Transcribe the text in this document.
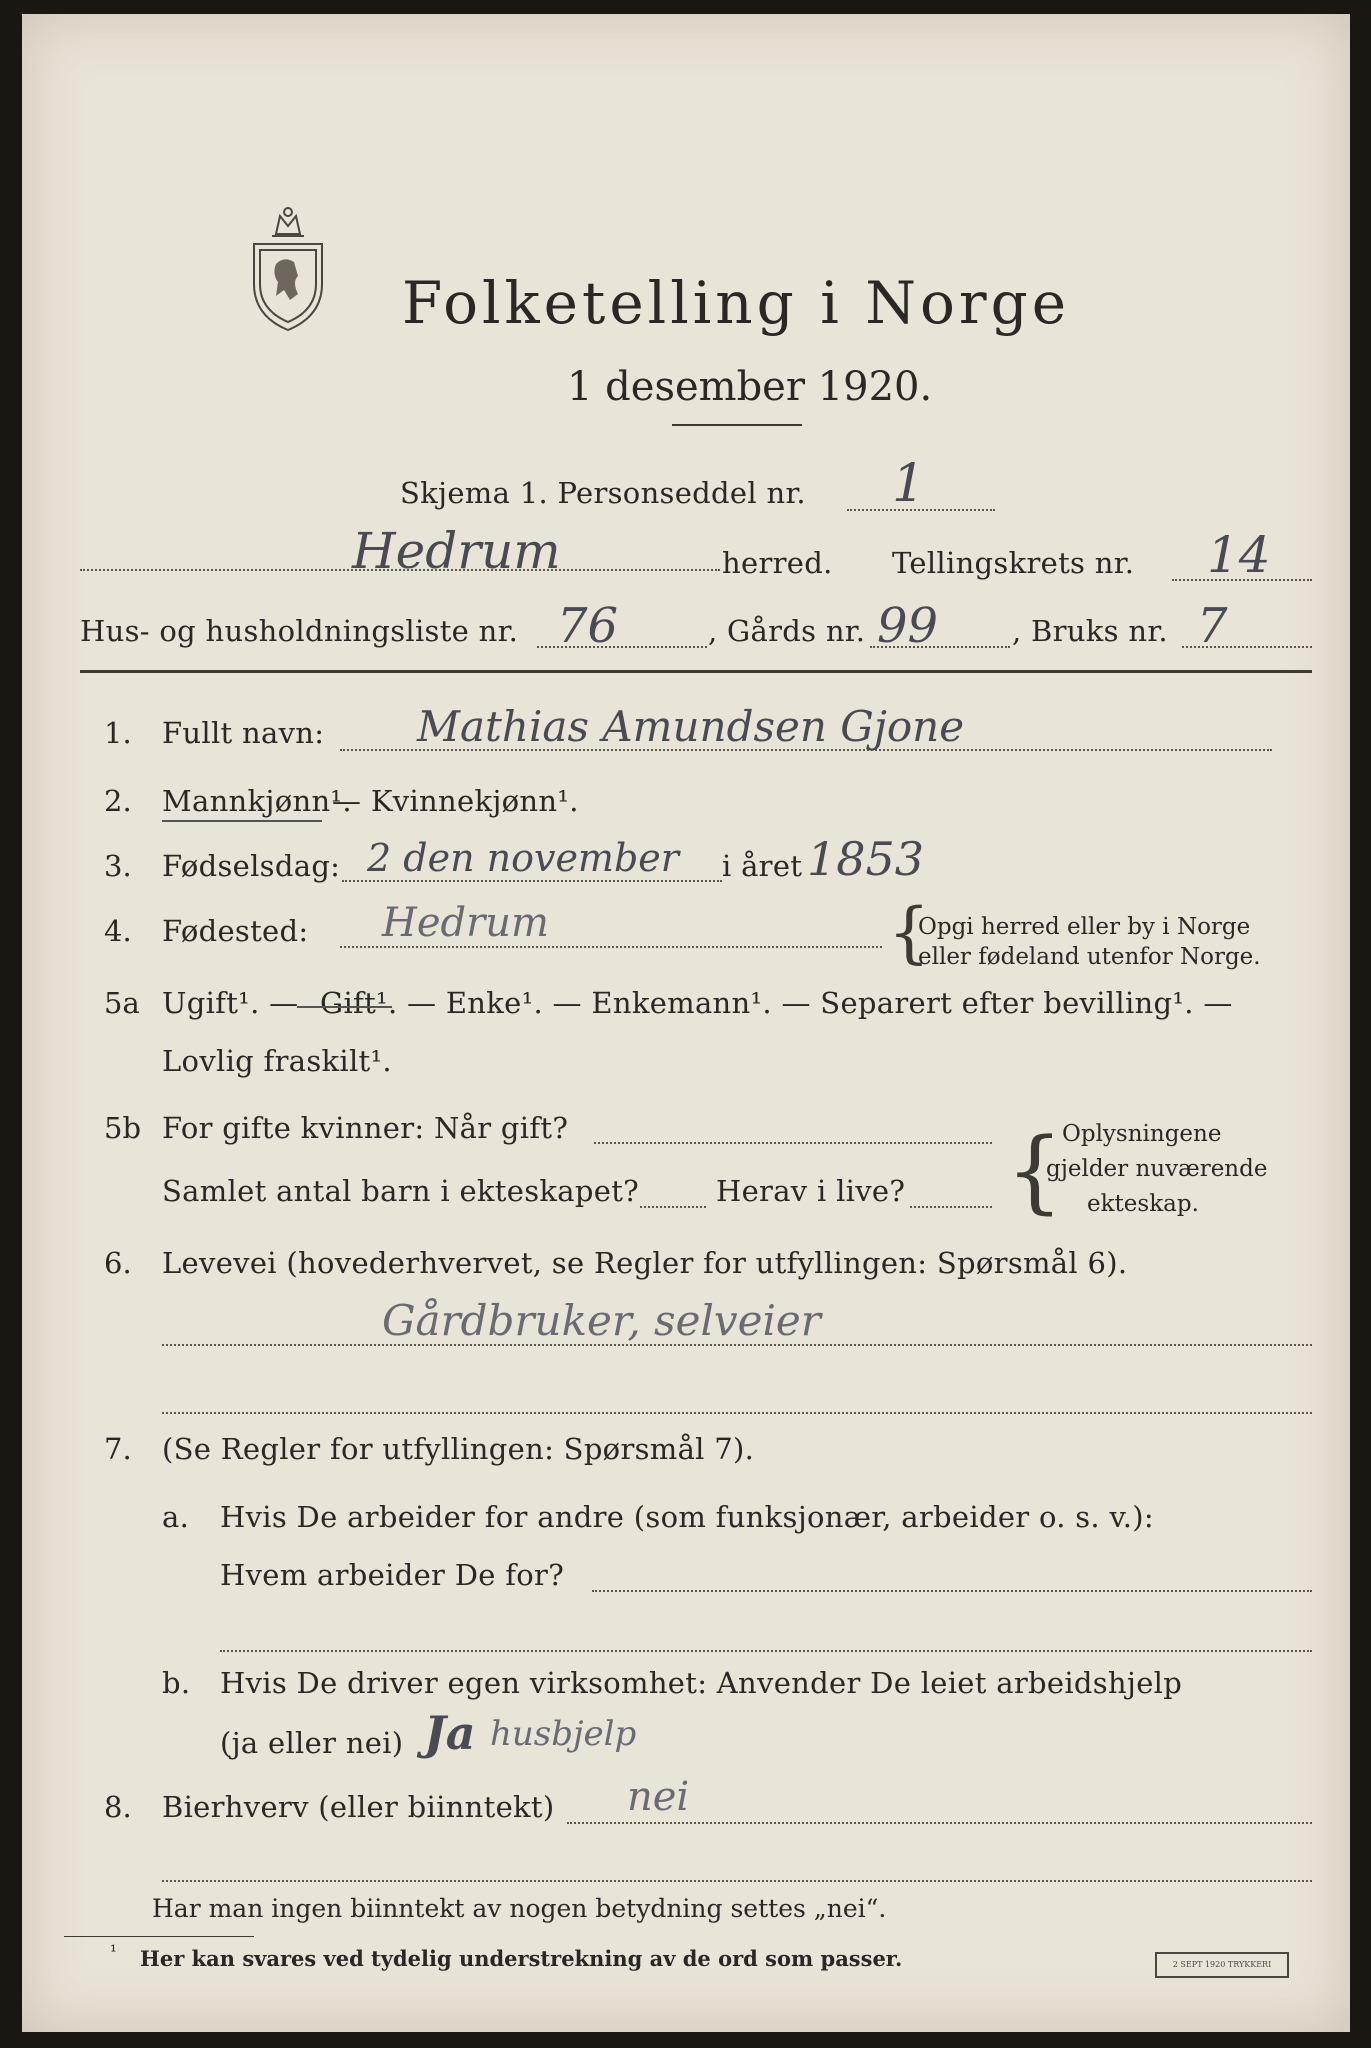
Folketelling i Norge
1 desember 1920.
Skjema 1. Personseddel nr. 1
Hedrum	herred. Tellingskrets nr. 14
Hus- og husholdningsliste nr. 76	, Gårds nr. 99	, Bruks nr. 7
1. Fullt navn: Mathias Amundsen Gjone
2. Mannkjønn¹.
— Kvinnekjønn¹.
3. Fødselsdag: 2 den november i året 1853
4. Fødested: Hedrum	{
Opgi herred eller by i Norge
eller fødeland utenfor Norge.
5a Ugift¹. — Gift¹. — Enke¹. — Enkemann¹. — Separert efter bevilling¹. —
Lovlig fraskilt¹.
5b For gifte kvinner: Når gift?
Samlet antal barn i ekteskapet?	Herav i live? {
Oplysningene
gjelder nuværende
ekteskap.
6. Levevei (hovederhvervet, se Regler for utfyllingen: Spørsmål 6).
Gårdbruker, selveier
7. (Se Regler for utfyllingen: Spørsmål 7).
a. Hvis De arbeider for andre (som funksjonær, arbeider o. s. v.):
Hvem arbeider De for?
b. Hvis De driver egen virksomhet: Anvender De leiet arbeidshjelp
(ja eller nei) Ja husbjelp
8. Bierhverv (eller biinntekt) nei
Har man ingen biinntekt av nogen betydning settes „nei“.
¹ Her kan svares ved tydelig understrekning av de ord som passer.	2 SEPT 1920 TRYKKERI
